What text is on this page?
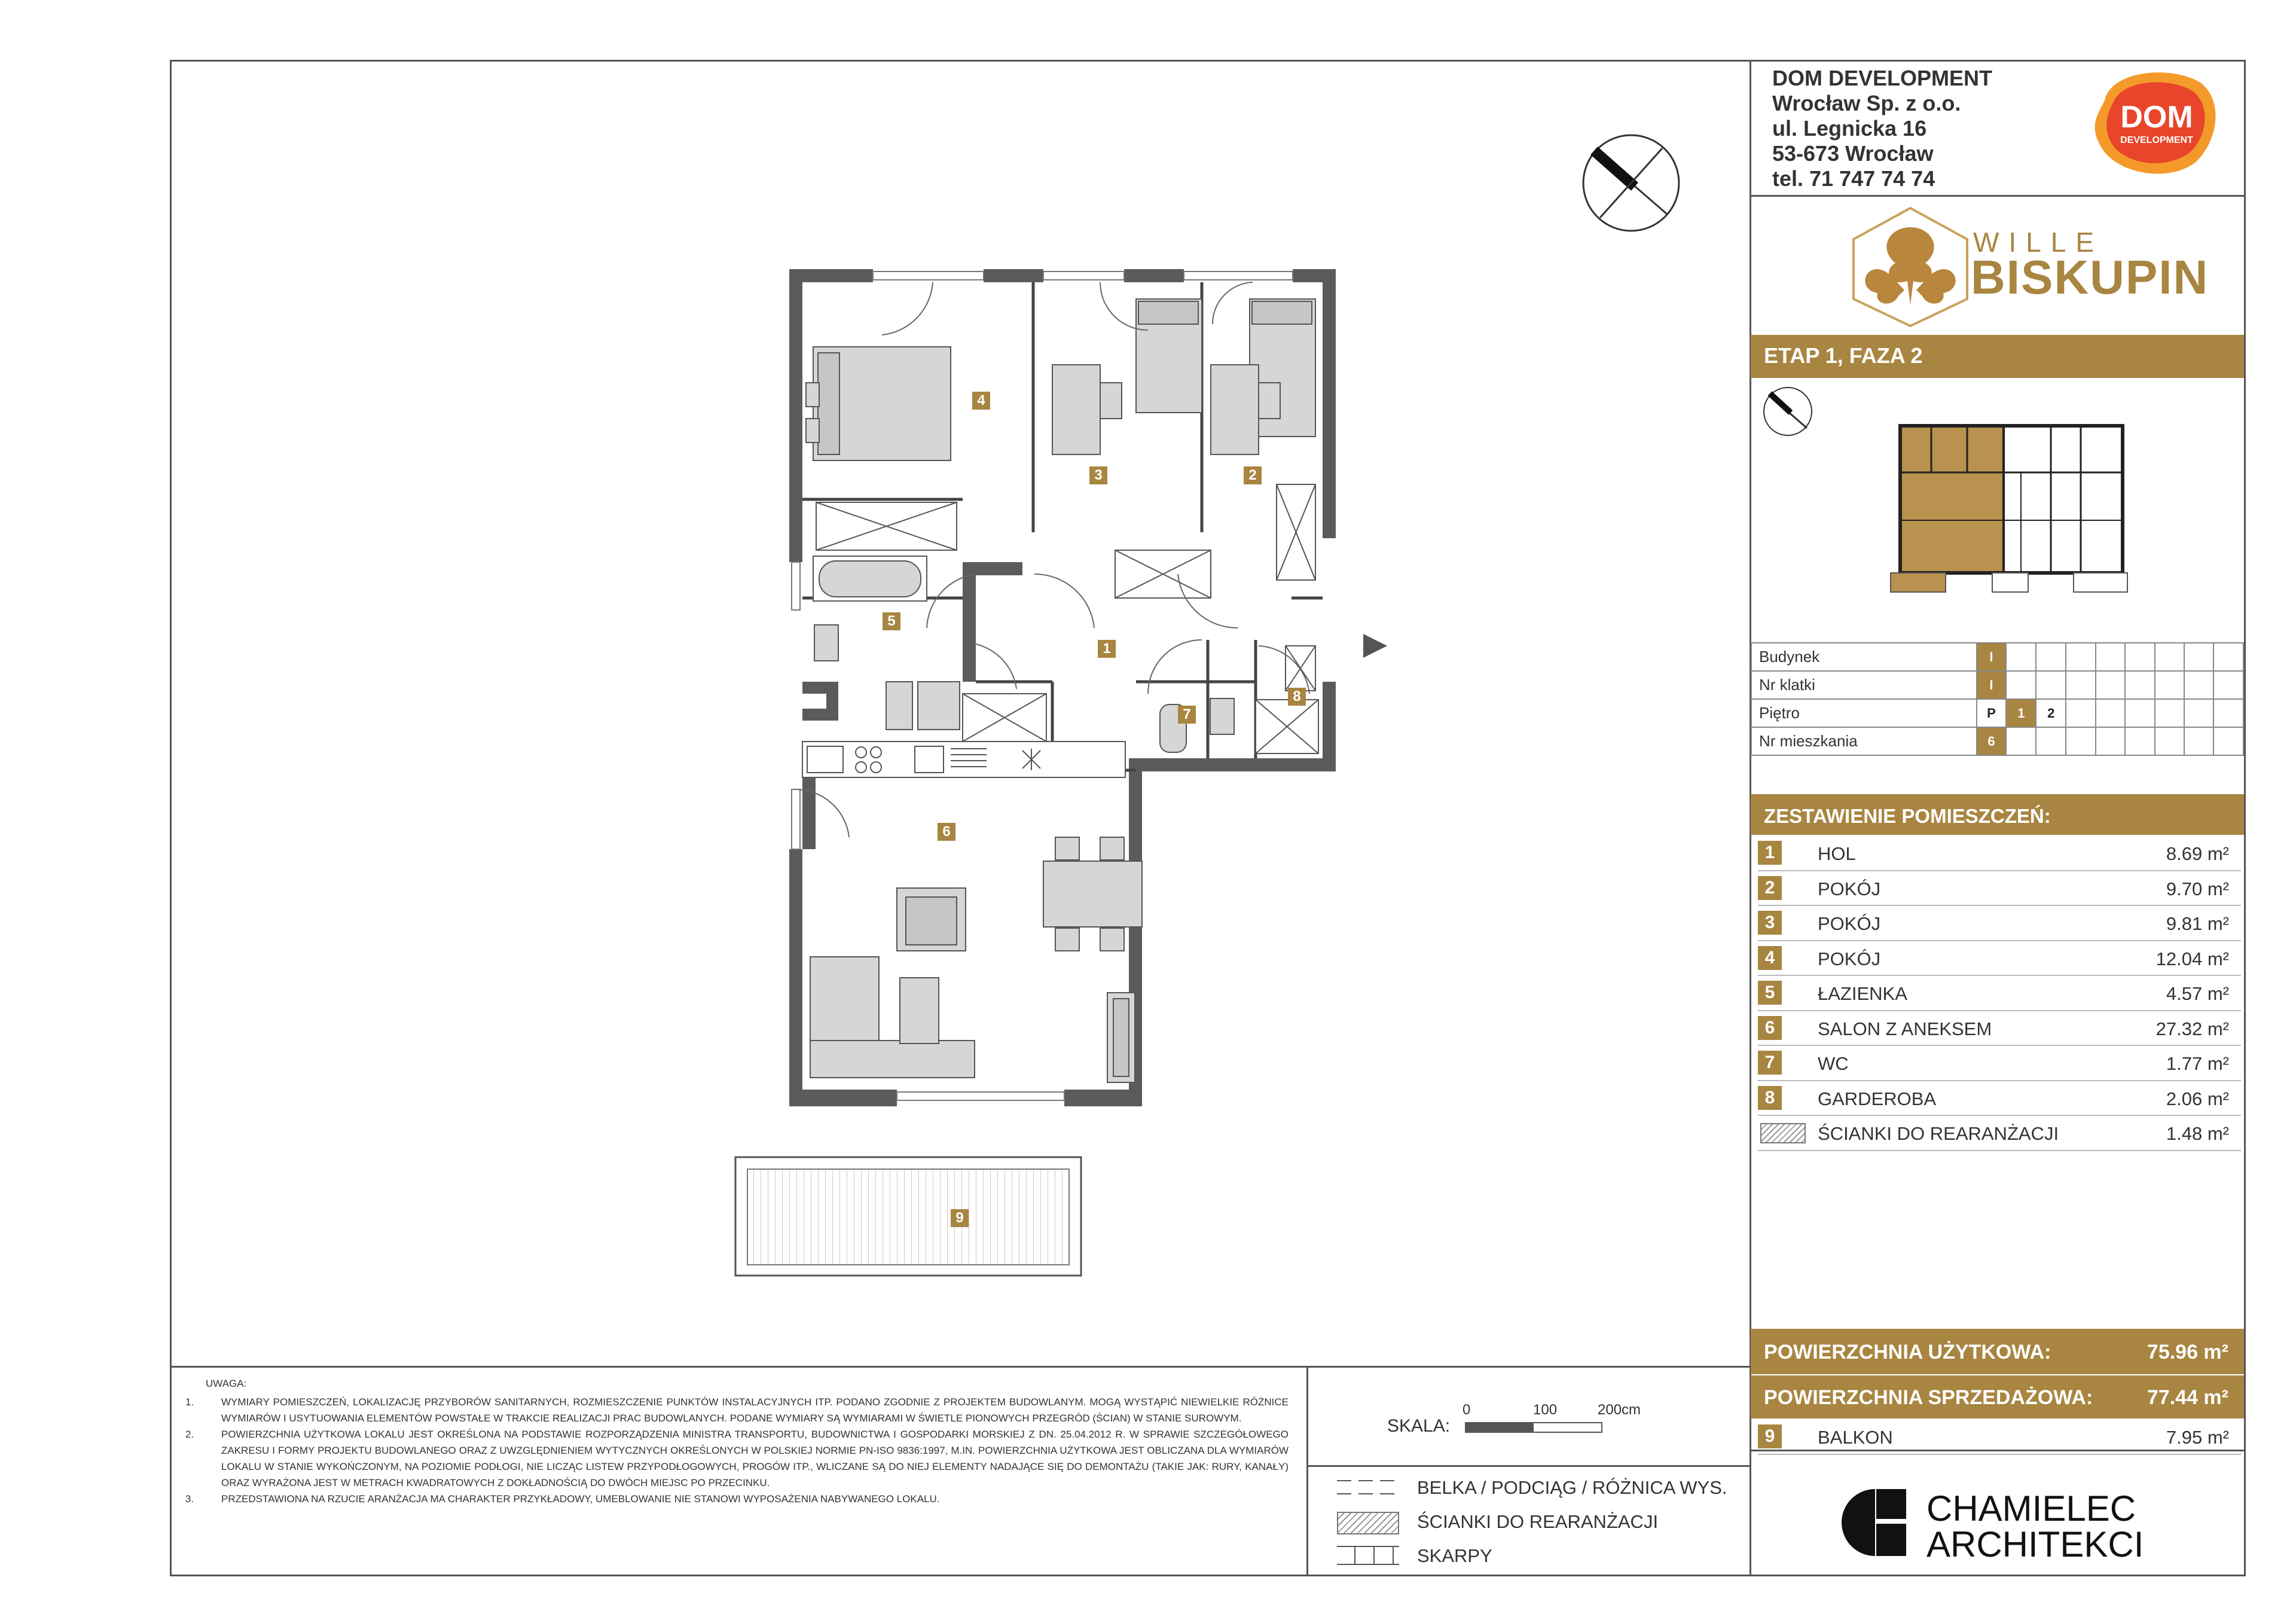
DOM DEVELOPMENT
Wrocław Sp. z o.o.
ul. Legnicka 16
53-673 Wrocław
tel. 71 747 74 74
DOM
DEVELOPMENT
WILLE
BISKUPIN
ETAP 1, FAZA 2
Budynek	I								
Nr klatki	I								
Piętro	P	1	2						
Nr mieszkania	6								
ZESTAWIENIE POMIESZCZEŃ:
1	HOL	8.69 m²
2	POKÓJ	9.70 m²
3	POKÓJ	9.81 m²
4	POKÓJ	12.04 m²
5	ŁAZIENKA	4.57 m²
6	SALON Z ANEKSEM	27.32 m²
7	WC	1.77 m²
8	GARDEROBA	2.06 m²
ŚCIANKI DO REARANŻACJI	1.48 m²
POWIERZCHNIA UŻYTKOWA:	75.96 m²
POWIERZCHNIA SPRZEDAŻOWA:	77.44 m²
9	BALKON	7.95 m²
CHAMIELEC
ARCHITEKCI
UWAGA:
1.	WYMIARY POMIESZCZEŃ, LOKALIZACJĘ PRZYBORÓW SANITARNYCH, ROZMIESZCZENIE PUNKTÓW INSTALACYJNYCH ITP. PODANO ZGODNIE Z PROJEKTEM BUDOWLANYM. MOGĄ WYSTĄPIĆ NIEWIELKIE RÓŻNICE WYMIARÓW I USYTUOWANIA ELEMENTÓW POWSTAŁE W TRAKCIE REALIZACJI PRAC BUDOWLANYCH. PODANE WYMIARY SĄ WYMIARAMI W ŚWIETLE PIONOWYCH PRZEGRÓD (ŚCIAN) W STANIE SUROWYM.
2.	POWIERZCHNIA UŻYTKOWA LOKALU JEST OKREŚLONA NA PODSTAWIE ROZPORZĄDZENIA MINISTRA TRANSPORTU, BUDOWNICTWA I GOSPODARKI MORSKIEJ Z DN. 25.04.2012 R. W SPRAWIE SZCZEGÓŁOWEGO ZAKRESU I FORMY PROJEKTU BUDOWLANEGO ORAZ Z UWZGLĘDNIENIEM WYTYCZNYCH OKREŚLONYCH W POLSKIEJ NORMIE PN-ISO 9836:1997, M.IN. POWIERZCHNIA UŻYTKOWA JEST OBLICZANA DLA WYMIARÓW LOKALU W STANIE WYKOŃCZONYM, NA POZIOMIE PODŁOGI, NIE LICZĄC LISTEW PRZYPODŁOGOWYCH, PROGÓW ITP., WLICZANE SĄ DO NIEJ ELEMENTY NADAJĄCE SIĘ DO DEMONTAŻU (TAKIE JAK: RURY, KANAŁY) ORAZ WYRAŻONA JEST W METRACH KWADRATOWYCH Z DOKŁADNOŚCIĄ DO DWÓCH MIEJSC PO PRZECINKU.
3.	PRZEDSTAWIONA NA RZUCIE ARANŻACJA MA CHARAKTER PRZYKŁADOWY, UMEBLOWANIE NIE STANOWI WYPOSAŻENIA NABYWANEGO LOKALU.
SKALA:
0	100	200cm
BELKA / PODCIĄG / RÓŻNICA WYS.
ŚCIANKI DO REARANŻACJI
SKARPY
1
2
3
4
5
6
7
8
9
